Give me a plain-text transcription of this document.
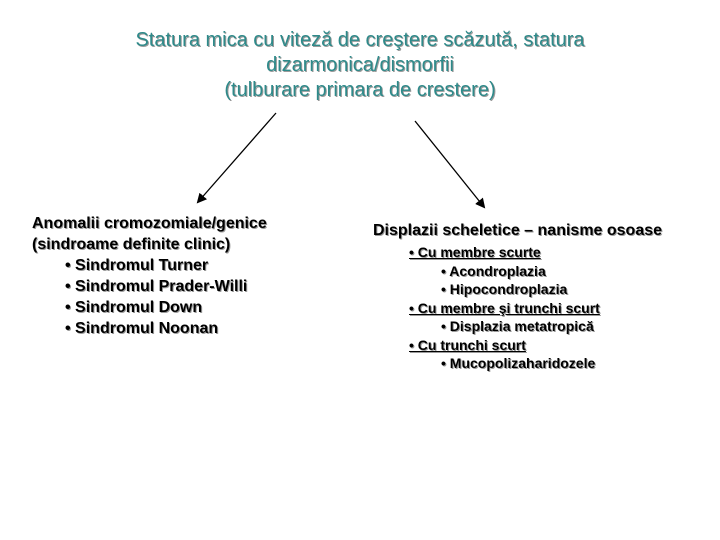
Statura mica cu viteză de creştere scăzută, statura
dizarmonica/dismorfii
(tulburare primara de crestere)
Anomalii cromozomiale/genice
(sindroame definite clinic)
• Sindromul Turner
• Sindromul Prader-Willi
• Sindromul Down
• Sindromul Noonan
Displazii scheletice – nanisme osoase
• Cu membre scurte
• Acondroplazia
• Hipocondroplazia
• Cu membre şi trunchi scurt
• Displazia metatropică
• Cu trunchi scurt
• Mucopolizaharidozele
